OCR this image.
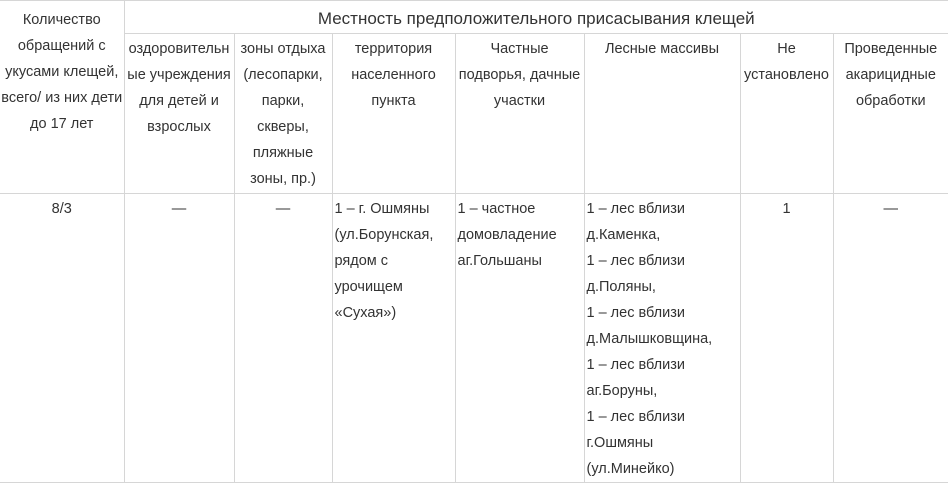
Количество обращений с укусами клещей, всего/ из них дети до 17 лет	Местность предположительного присасывания клещей						
	оздоровительные учреждения для детей и взрослых	зоны отдыха (лесопарки, парки, скверы, пляжные зоны, пр.)	территория населенного пункта	Частные подворья, дачные участки	Лесные массивы	Не установлено	Проведенные акарицидные обработки
8/3	—	—	1 – г. Ошмяны (ул.Борунская, рядом с урочищем «Сухая»)	1 – частное домовладение аг.Гольшаны	1 – лес вблизи д.Каменка,
1 – лес вблизи д.Поляны,
1 – лес вблизи д.Малышковщина,
1 – лес вблизи аг.Боруны,
1 – лес вблизи г.Ошмяны (ул.Минейко)	1	—
